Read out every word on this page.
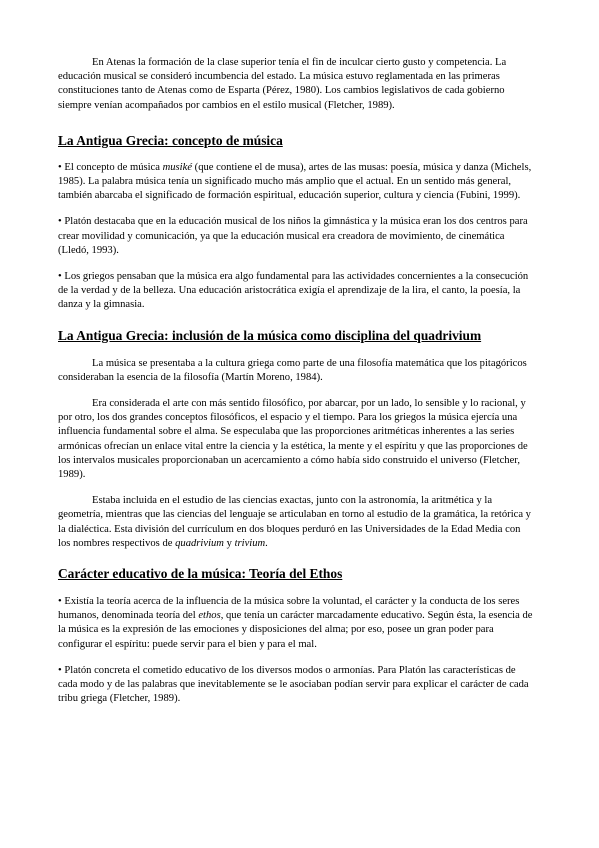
En Atenas la formación de la clase superior tenía el fin de inculcar cierto gusto y competencia. La educación musical se consideró incumbencia del estado. La música estuvo reglamentada en las primeras constituciones tanto de Atenas como de Esparta (Pérez, 1980). Los cambios legislativos de cada gobierno siempre venían acompañados por cambios en el estilo musical (Fletcher, 1989).

La Antigua Grecia: concepto de música

• El concepto de música musiké (que contiene el de musa), artes de las musas: poesía, música y danza (Michels, 1985). La palabra música tenía un significado mucho más amplio que el actual. En un sentido más general, también abarcaba el significado de formación espiritual, educación superior, cultura y ciencia (Fubini, 1999).

• Platón destacaba que en la educación musical de los niños la gimnástica y la música eran los dos centros para crear movilidad y comunicación, ya que la educación musical era creadora de movimiento, de cinemática (Lledó, 1993).

• Los griegos pensaban que la música era algo fundamental para las actividades concernientes a la consecución de la verdad y de la belleza. Una educación aristocrática exigía el aprendizaje de la lira, el canto, la poesía, la danza y la gimnasia.

La Antigua Grecia: inclusión de la música como disciplina del quadrivium

La música se presentaba a la cultura griega como parte de una filosofía matemática que los pitagóricos consideraban la esencia de la filosofía (Martín Moreno, 1984).

Era considerada el arte con más sentido filosófico, por abarcar, por un lado, lo sensible y lo racional, y por otro, los dos grandes conceptos filosóficos, el espacio y el tiempo. Para los griegos la música ejercía una influencia fundamental sobre el alma. Se especulaba que las proporciones aritméticas inherentes a las series armónicas ofrecían un enlace vital entre la ciencia y la estética, la mente y el espíritu y que las proporciones de los intervalos musicales proporcionaban un acercamiento a cómo había sido construido el universo (Fletcher, 1989).

Estaba incluida en el estudio de las ciencias exactas, junto con la astronomía, la aritmética y la geometría, mientras que las ciencias del lenguaje se articulaban en torno al estudio de la gramática, la retórica y la dialéctica. Esta división del currículum en dos bloques perduró en las Universidades de la Edad Media con los nombres respectivos de quadrivium y trivium.

Carácter educativo de la música: Teoría del Ethos

• Existía la teoría acerca de la influencia de la música sobre la voluntad, el carácter y la conducta de los seres humanos, denominada teoría del ethos, que tenía un carácter marcadamente educativo. Según ésta, la esencia de la música es la expresión de las emociones y disposiciones del alma; por eso, posee un gran poder para configurar el espíritu: puede servir para el bien y para el mal.

• Platón concreta el cometido educativo de los diversos modos o armonías. Para Platón las características de cada modo y de las palabras que inevitablemente se le asociaban podían servir para explicar el carácter de cada tribu griega (Fletcher, 1989).
